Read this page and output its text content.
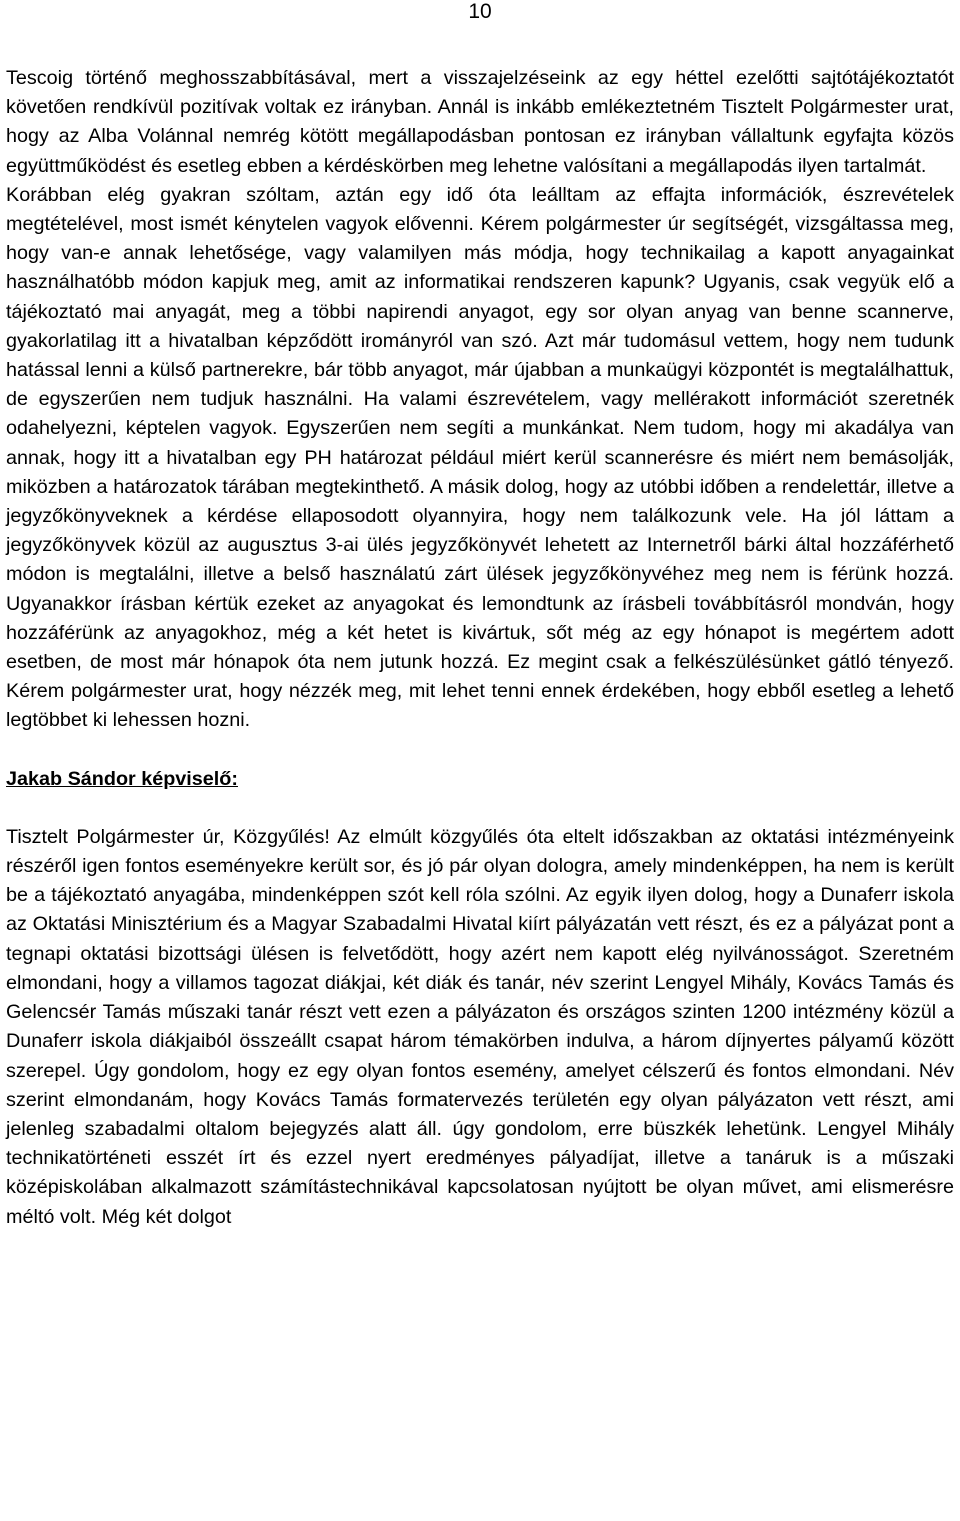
10

Tescoig történő meghosszabbításával, mert a visszajelzéseink az egy héttel ezelőtti sajtótájékoztatót követően rendkívül pozitívak voltak ez irányban. Annál is inkább emlékeztetném Tisztelt Polgármester urat, hogy az Alba Volánnal nemrég kötött megállapodásban pontosan ez irányban vállaltunk egyfajta közös együttműködést és esetleg ebben a kérdéskörben meg lehetne valósítani a megállapodás ilyen tartalmát.

Korábban elég gyakran szóltam, aztán egy idő óta leálltam az effajta információk, észrevételek megtételével, most ismét kénytelen vagyok elővenni. Kérem polgármester úr segítségét, vizsgáltassa meg, hogy van-e annak lehetősége, vagy valamilyen más módja, hogy technikailag a kapott anyagainkat használhatóbb módon kapjuk meg, amit az informatikai rendszeren kapunk? Ugyanis, csak vegyük elő a tájékoztató mai anyagát, meg a többi napirendi anyagot, egy sor olyan anyag van benne scannerve, gyakorlatilag itt a hivatalban képződött irományról van szó. Azt már tudomásul vettem, hogy nem tudunk hatással lenni a külső partnerekre, bár több anyagot, már újabban a munkaügyi központét is megtalálhattuk, de egyszerűen nem tudjuk használni. Ha valami észrevételem, vagy mellérakott információt szeretnék odahelyezni, képtelen vagyok. Egyszerűen nem segíti a munkánkat. Nem tudom, hogy mi akadálya van annak, hogy itt a hivatalban egy PH határozat például miért kerül scannerésre és miért nem bemásolják, miközben a határozatok tárában megtekinthető. A másik dolog, hogy az utóbbi időben a rendelettár, illetve a jegyzőkönyveknek a kérdése ellaposodott olyannyira, hogy nem találkozunk vele. Ha jól láttam a jegyzőkönyvek közül az augusztus 3-ai ülés jegyzőkönyvét lehetett az Internetről bárki által hozzáférhető módon is megtalálni, illetve a belső használatú zárt ülések jegyzőkönyvéhez meg nem is férünk hozzá. Ugyanakkor írásban kértük ezeket az anyagokat és lemondtunk az írásbeli továbbításról mondván, hogy hozzáférünk az anyagokhoz, még a két hetet is kivártuk, sőt még az egy hónapot is megértem adott esetben, de most már hónapok óta nem jutunk hozzá. Ez megint csak a felkészülésünket gátló tényező. Kérem polgármester urat, hogy nézzék meg, mit lehet tenni ennek érdekében, hogy ebből esetleg a lehető legtöbbet ki lehessen hozni.

Jakab Sándor képviselő:

Tisztelt Polgármester úr, Közgyűlés! Az elmúlt közgyűlés óta eltelt időszakban az oktatási intézményeink részéről igen fontos eseményekre került sor, és jó pár olyan dologra, amely mindenképpen, ha nem is került be a tájékoztató anyagába, mindenképpen szót kell róla szólni. Az egyik ilyen dolog, hogy a Dunaferr iskola az Oktatási Minisztérium és a Magyar Szabadalmi Hivatal kiírt pályázatán vett részt, és ez a pályázat pont a tegnapi oktatási bizottsági ülésen is felvetődött, hogy azért nem kapott elég nyilvánosságot. Szeretném elmondani, hogy a villamos tagozat diákjai, két diák és tanár, név szerint Lengyel Mihály, Kovács Tamás és Gelencsér Tamás műszaki tanár részt vett ezen a pályázaton és országos szinten 1200 intézmény közül a Dunaferr iskola diákjaiból összeállt csapat három témakörben indulva, a három díjnyertes pályamű között szerepel. Úgy gondolom, hogy ez egy olyan fontos esemény, amelyet célszerű és fontos elmondani. Név szerint elmondanám, hogy Kovács Tamás formatervezés területén egy olyan pályázaton vett részt, ami jelenleg szabadalmi oltalom bejegyzés alatt áll. úgy gondolom, erre büszkék lehetünk. Lengyel Mihály technikatörténeti esszét írt és ezzel nyert eredményes pályadíjat, illetve a tanáruk is a műszaki középiskolában alkalmazott számítástechnikával kapcsolatosan nyújtott be olyan művet, ami elismerésre méltó volt. Még két dolgot
